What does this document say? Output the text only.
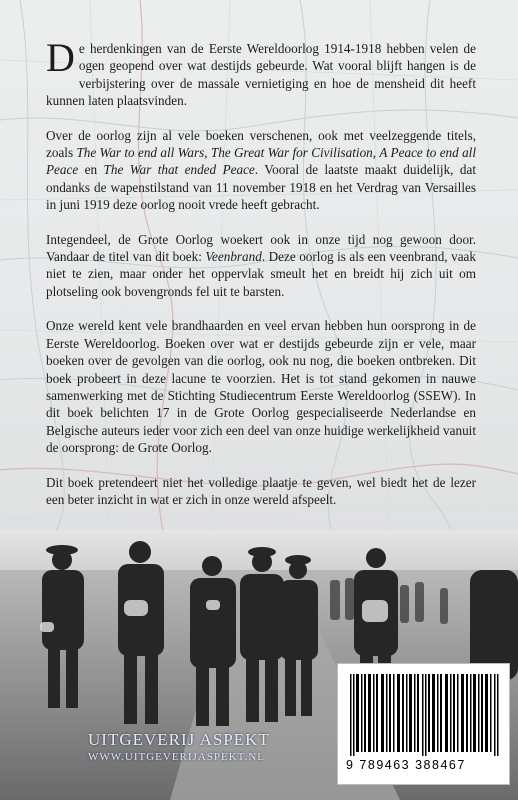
De herdenkingen van de Eerste Wereldoorlog 1914-1918 hebben velen de ogen geopend over wat destijds gebeurde. Wat vooral blijft hangen is de verbijstering over de massale vernietiging en hoe de mensheid dit heeft kunnen laten plaatsvinden.

Over de oorlog zijn al vele boeken verschenen, ook met veelzeggende titels, zoals The War to end all Wars, The Great War for Civilisation, A Peace to end all Peace en The War that ended Peace. Vooral de laatste maakt duidelijk, dat ondanks de wapenstilstand van 11 november 1918 en het Verdrag van Versailles in juni 1919 deze oorlog nooit vrede heeft gebracht.

Integendeel, de Grote Oorlog woekert ook in onze tijd nog gewoon door. Vandaar de titel van dit boek: Veenbrand. Deze oorlog is als een veenbrand, vaak niet te zien, maar onder het oppervlak smeult het en breidt hij zich uit om plotseling ook bovengronds fel uit te barsten.

Onze wereld kent vele brandhaarden en veel ervan hebben hun oorsprong in de Eerste Wereldoorlog. Boeken over wat er destijds gebeurde zijn er vele, maar boeken over de gevolgen van die oorlog, ook nu nog, die boeken ontbreken. Dit boek probeert in deze lacune te voorzien. Het is tot stand gekomen in nauwe samenwerking met de Stichting Studiecentrum Eerste Wereldoorlog (SSEW). In dit boek belichten 17 in de Grote Oorlog gespecialiseerde Nederlandse en Belgische auteurs ieder voor zich een deel van onze huidige werkelijkheid vanuit de oorsprong: de Grote Oorlog.

Dit boek pretendeert niet het volledige plaatje te geven, wel biedt het de lezer een beter inzicht in wat er zich in onze wereld afspeelt.

UITGEVERIJ ASPEKT
WWW.UITGEVERIJASPEKT.NL
9 789463 388467
